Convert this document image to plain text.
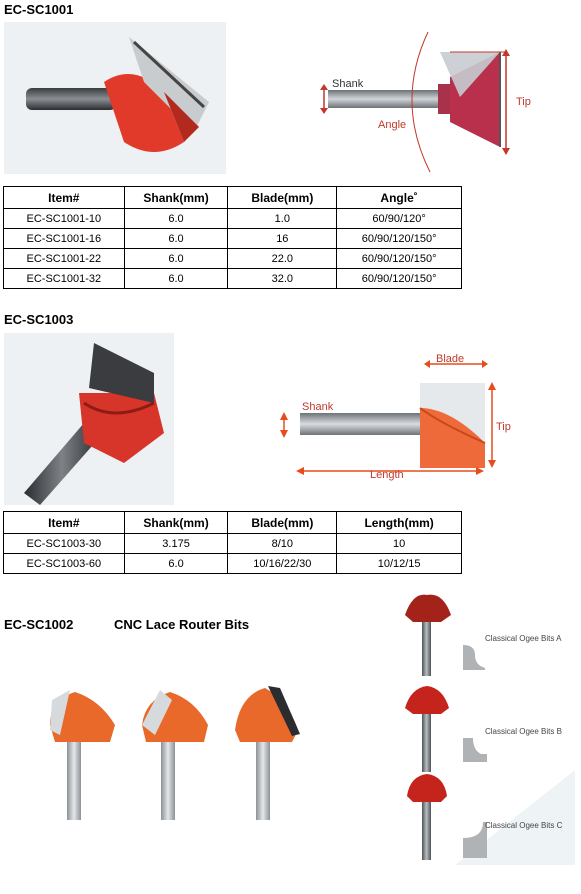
EC-SC1001
Shank
Angle
Tip
Item#	Shank(mm)	Blade(mm)	Angle˚
EC-SC1001-10	6.0	1.0	60/90/120°
EC-SC1001-16	6.0	16	60/90/120/150°
EC-SC1001-22	6.0	22.0	60/90/120/150°
EC-SC1001-32	6.0	32.0	60/90/120/150°
EC-SC1003
Blade
Shank
Tip
Length
Item#	Shank(mm)	Blade(mm)	Length(mm)
EC-SC1003-30	3.175	8/10	10
EC-SC1003-60	6.0	10/16/22/30	10/12/15
EC-SC1002	CNC Lace Router Bits
Classical Ogee Bits A
Classical Ogee Bits B
Classical Ogee Bits C
